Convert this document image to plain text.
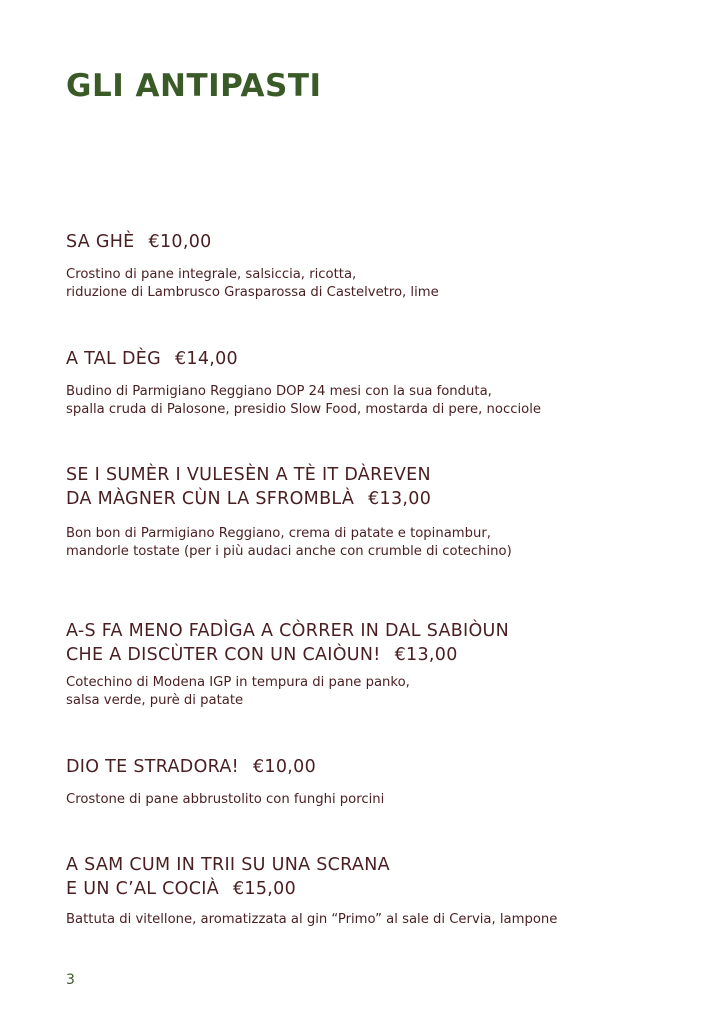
GLI ANTIPASTI

SA GHÈ €10,00

Crostino di pane integrale, salsiccia, ricotta,
riduzione di Lambrusco Grasparossa di Castelvetro, lime

A TAL DÈG €14,00

Budino di Parmigiano Reggiano DOP 24 mesi con la sua fonduta,
spalla cruda di Palosone, presidio Slow Food, mostarda di pere, nocciole

SE I SUMÈR I VULESÈN A TÈ IT DÀREVEN
DA MÀGNER CÙN LA SFROMBLÀ €13,00

Bon bon di Parmigiano Reggiano, crema di patate e topinambur,
mandorle tostate (per i più audaci anche con crumble di cotechino)

A-S FA MENO FADÌGA A CÒRRER IN DAL SABIÒUN
CHE A DISCÙTER CON UN CAIÒUN! €13,00

Cotechino di Modena IGP in tempura di pane panko,
salsa verde, purè di patate

DIO TE STRADORA! €10,00

Crostone di pane abbrustolito con funghi porcini

A SAM CUM IN TRII SU UNA SCRANA
E UN C’AL COCIÀ €15,00

Battuta di vitellone, aromatizzata al gin “Primo” al sale di Cervia, lampone

3
